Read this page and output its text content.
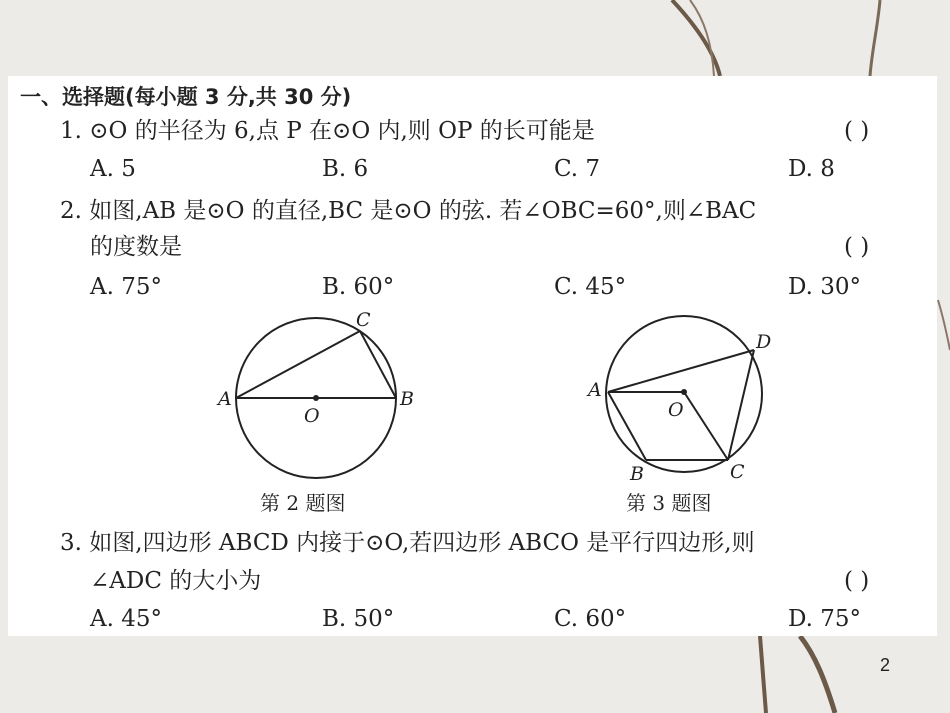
一、选择题(每小题 3 分,共 30 分)
1. ⊙O 的半径为 6,点 P 在⊙O 内,则 OP 的长可能是	( )
A. 5	B. 6	C. 7	D. 8
2. 如图,AB 是⊙O 的直径,BC 是⊙O 的弦. 若∠OBC=60°,则∠BAC
的度数是	( )
A. 75°	B. 60°	C. 45°	D. 30°
A	B
C
O
第 2 题图
A
B	C
D
O
第 3 题图
3. 如图,四边形 ABCD 内接于⊙O,若四边形 ABCO 是平行四边形,则
∠ADC 的大小为	( )
A. 45°	B. 50°	C. 60°	D. 75°
2
